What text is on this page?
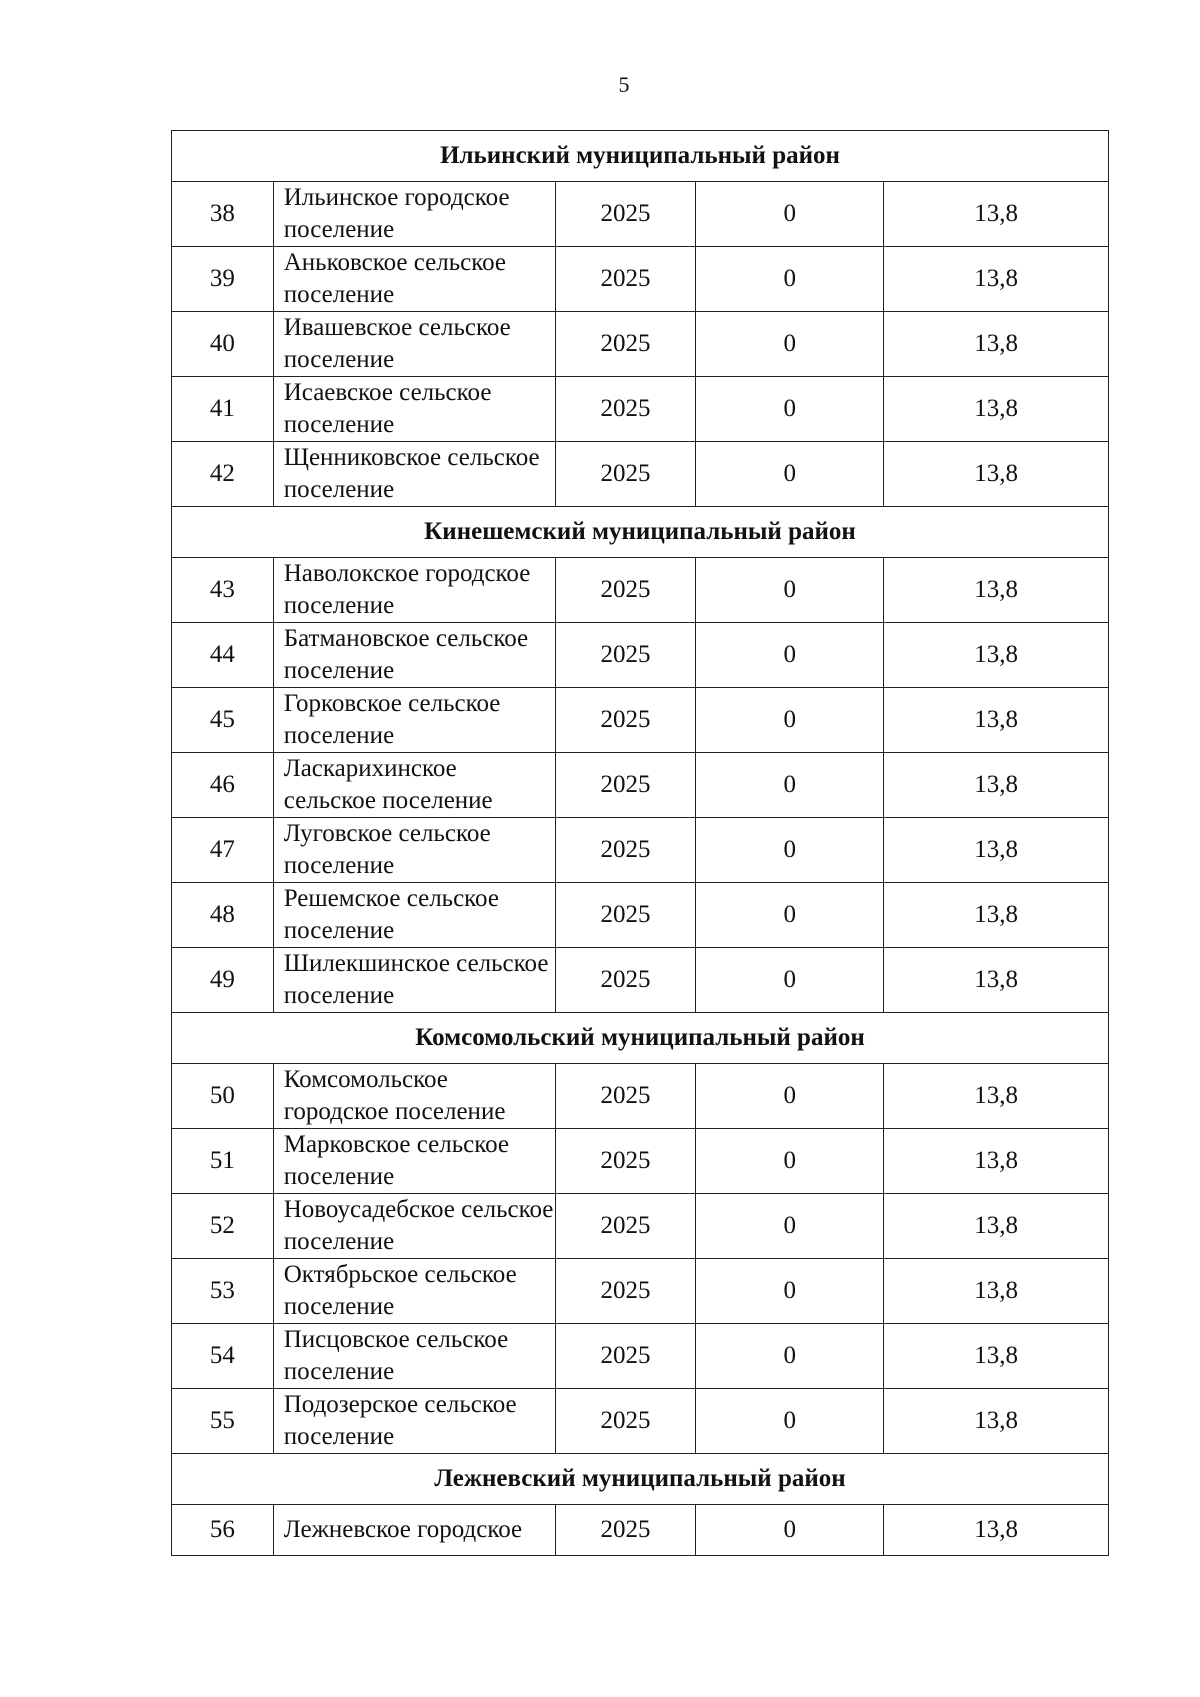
5
Ильинский муниципальный район				
38	Ильинское городское поселение	2025	0	13,8
39	Аньковское сельское поселение	2025	0	13,8
40	Ивашевское сельское поселение	2025	0	13,8
41	Исаевское сельское поселение	2025	0	13,8
42	Щенниковское сельское поселение	2025	0	13,8
Кинешемский муниципальный район				
43	Наволокское городское поселение	2025	0	13,8
44	Батмановское сельское поселение	2025	0	13,8
45	Горковское сельское поселение	2025	0	13,8
46	Ласкарихинское сельское поселение	2025	0	13,8
47	Луговское сельское поселение	2025	0	13,8
48	Решемское сельское поселение	2025	0	13,8
49	Шилекшинское сельское поселение	2025	0	13,8
Комсомольский муниципальный район				
50	Комсомольское городское поселение	2025	0	13,8
51	Марковское сельское поселение	2025	0	13,8
52	Новоусадебское сельское поселение	2025	0	13,8
53	Октябрьское сельское поселение	2025	0	13,8
54	Писцовское сельское поселение	2025	0	13,8
55	Подозерское сельское поселение	2025	0	13,8
Лежневский муниципальный район				
56	Лежневское городское	2025	0	13,8
